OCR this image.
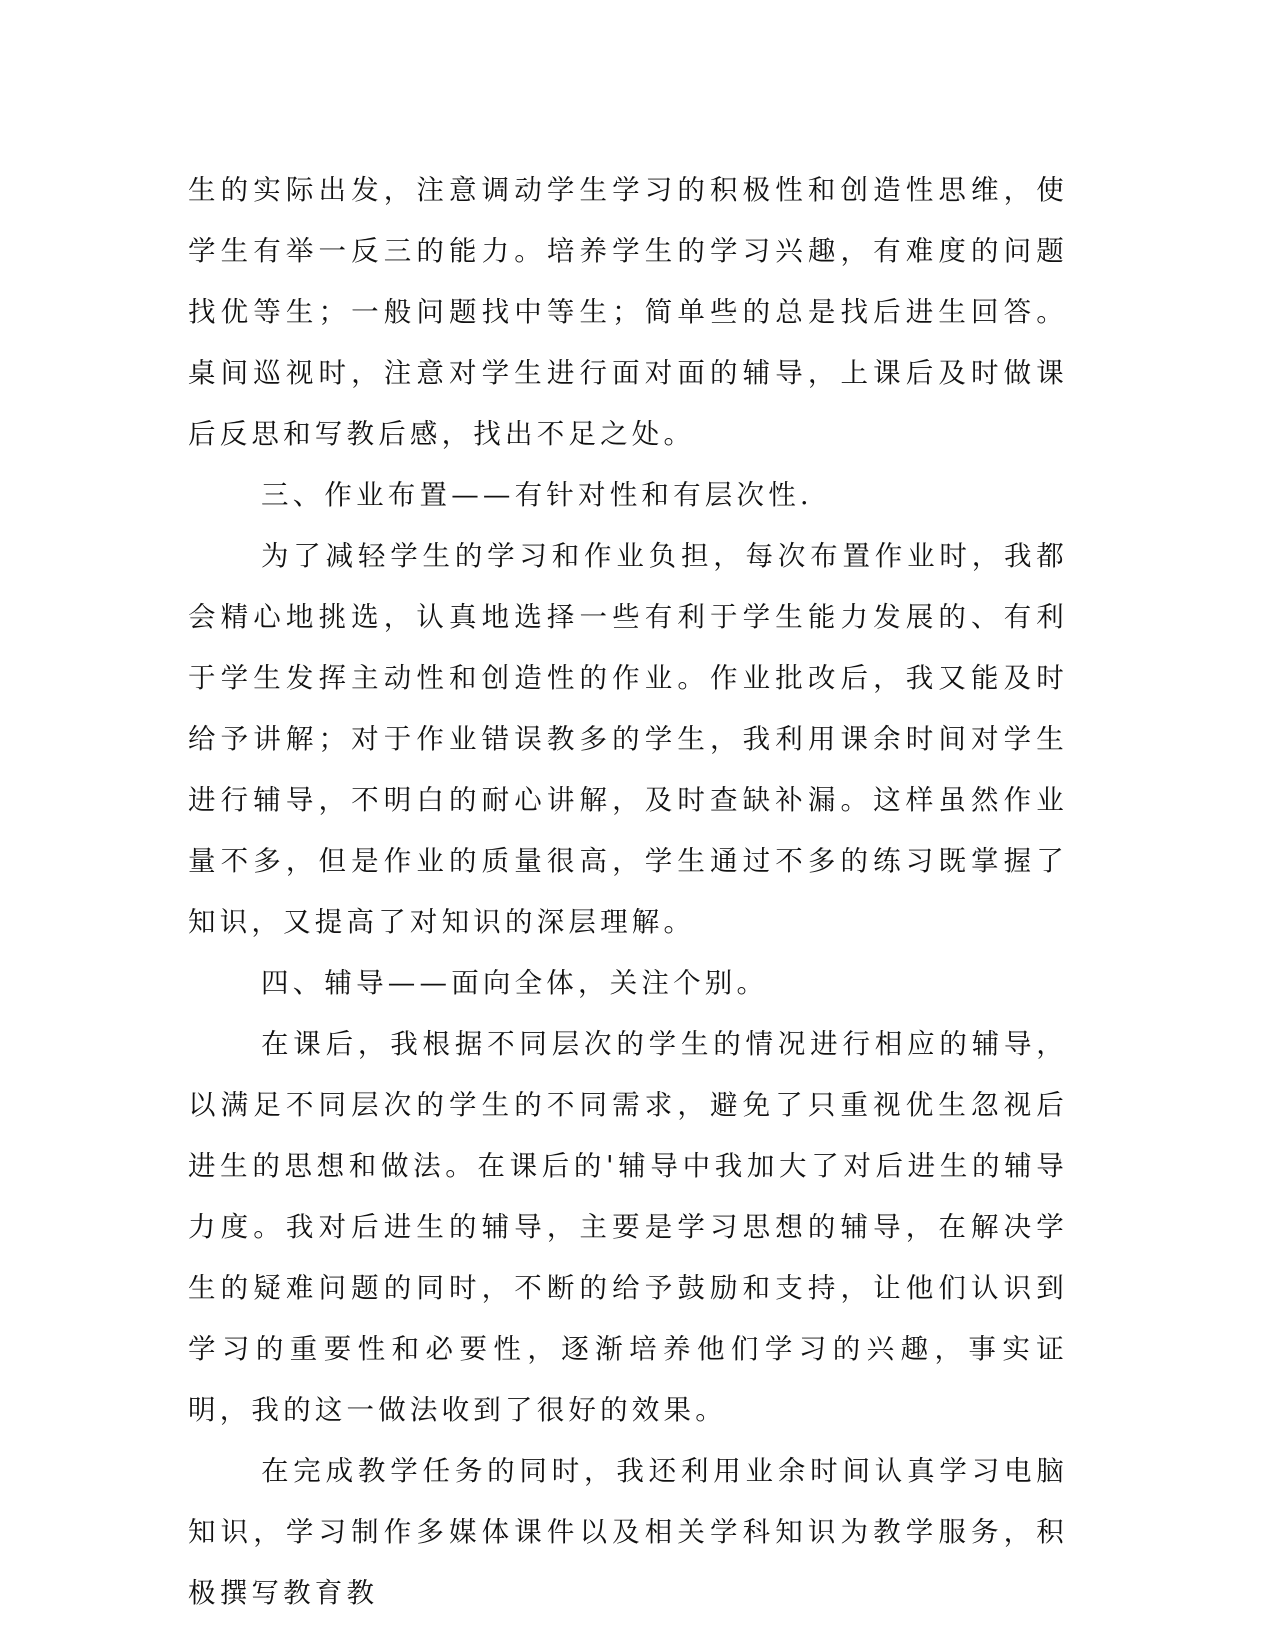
生的实际出发，注意调动学生学习的积极性和创造性思维，使学生有举一反三的能力。培养学生的学习兴趣，有难度的问题找优等生；一般问题找中等生；简单些的总是找后进生回答。桌间巡视时，注意对学生进行面对面的辅导，上课后及时做课后反思和写教后感，找出不足之处。

三、作业布置——有针对性和有层次性.

为了减轻学生的学习和作业负担，每次布置作业时，我都会精心地挑选，认真地选择一些有利于学生能力发展的、有利于学生发挥主动性和创造性的作业。作业批改后，我又能及时给予讲解；对于作业错误教多的学生，我利用课余时间对学生进行辅导，不明白的耐心讲解，及时查缺补漏。这样虽然作业量不多，但是作业的质量很高，学生通过不多的练习既掌握了知识，又提高了对知识的深层理解。

四、辅导——面向全体，关注个别。

在课后，我根据不同层次的学生的情况进行相应的辅导，以满足不同层次的学生的不同需求，避免了只重视优生忽视后进生的思想和做法。在课后的'辅导中我加大了对后进生的辅导力度。我对后进生的辅导，主要是学习思想的辅导，在解决学生的疑难问题的同时，不断的给予鼓励和支持，让他们认识到学习的重要性和必要性，逐渐培养他们学习的兴趣，事实证明，我的这一做法收到了很好的效果。

在完成教学任务的同时，我还利用业余时间认真学习电脑知识，学习制作多媒体课件以及相关学科知识为教学服务，积极撰写教育教
